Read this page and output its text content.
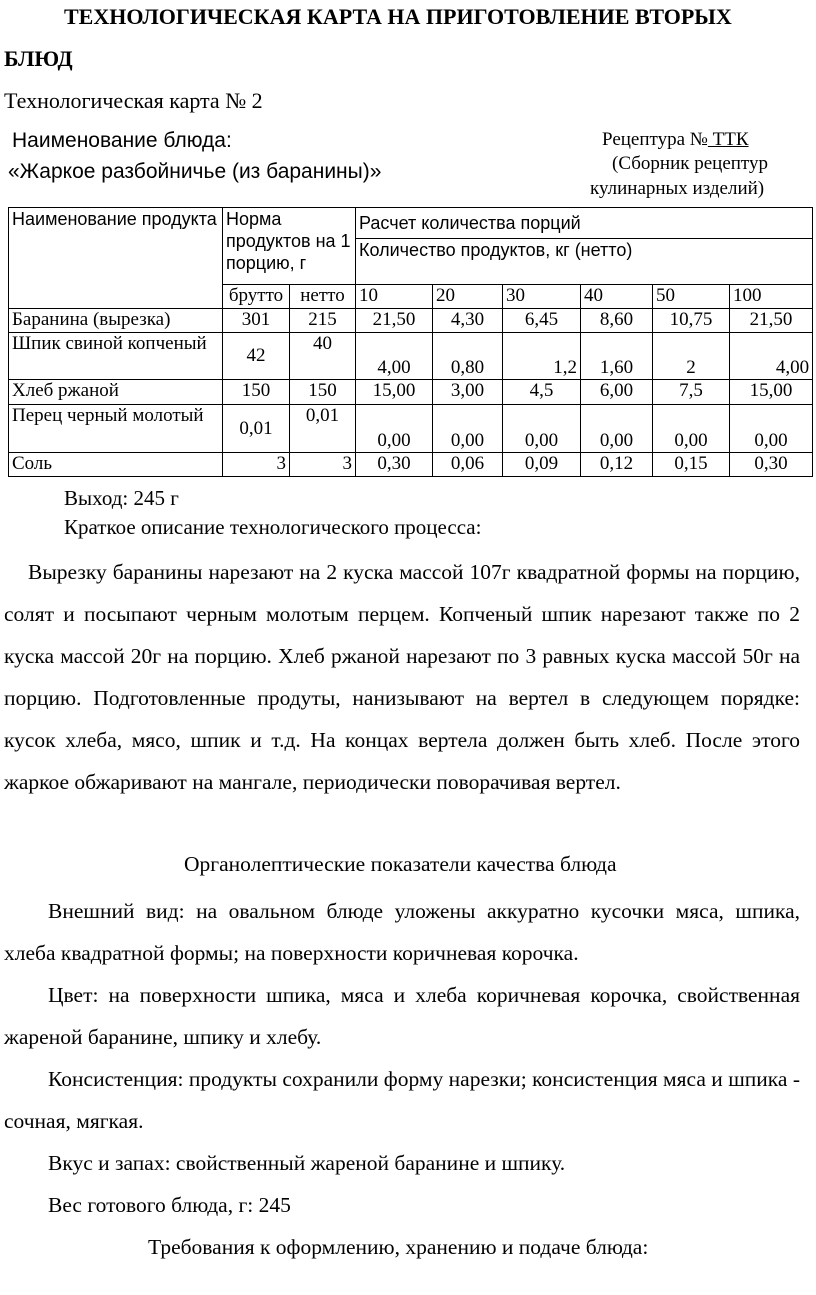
ТЕХНОЛОГИЧЕСКАЯ КАРТА НА ПРИГОТОВЛЕНИЕ ВТОРЫХ
БЛЮД
Технологическая карта № 2
Наименование блюда:
«Жаркое разбойничье (из баранины)»
Рецептура № ТТК
(Сборник рецептур
кулинарных изделий)
Наименование продукта	Норма продуктов на 1 порцию, г		Расчет количества порций					
			Количество продуктов, кг (нетто)					
	брутто	нетто	10	20	30	40	50	100
Баранина (вырезка)	301	215	21,50	4,30	6,45	8,60	10,75	21,50
Шпик свиной копченый	42	40	4,00	0,80	1,2	1,60	2	4,00
Хлеб ржаной	150	150	15,00	3,00	4,5	6,00	7,5	15,00
Перец черный молотый	0,01	0,01	0,00	0,00	0,00	0,00	0,00	0,00
Соль	3	3	0,30	0,06	0,09	0,12	0,15	0,30
Выход: 245 г
Краткое описание технологического процесса:
Вырезку баранины нарезают на 2 куска массой 107г квадратной формы на порцию, солят и посыпают черным молотым перцем. Копченый шпик нарезают также по 2 куска массой 20г на порцию. Хлеб ржаной нарезают по 3 равных куска массой 50г на порцию. Подготовленные продуты, нанизывают на вертел в следующем порядке: кусок хлеба, мясо, шпик и т.д. На концах вертела должен быть хлеб. После этого жаркое обжаривают на мангале, периодически поворачивая вертел.
Органолептические показатели качества блюда
Внешний вид: на овальном блюде уложены аккуратно кусочки мяса, шпика, хлеба квадратной формы; на поверхности коричневая корочка.
Цвет: на поверхности шпика, мяса и хлеба коричневая корочка, свойственная жареной баранине, шпику и хлебу.
Консистенция: продукты сохранили форму нарезки; консистенция мяса и шпика - сочная, мягкая.
Вкус и запах: свойственный жареной баранине и шпику.
Вес готового блюда, г: 245
Требования к оформлению, хранению и подаче блюда:
